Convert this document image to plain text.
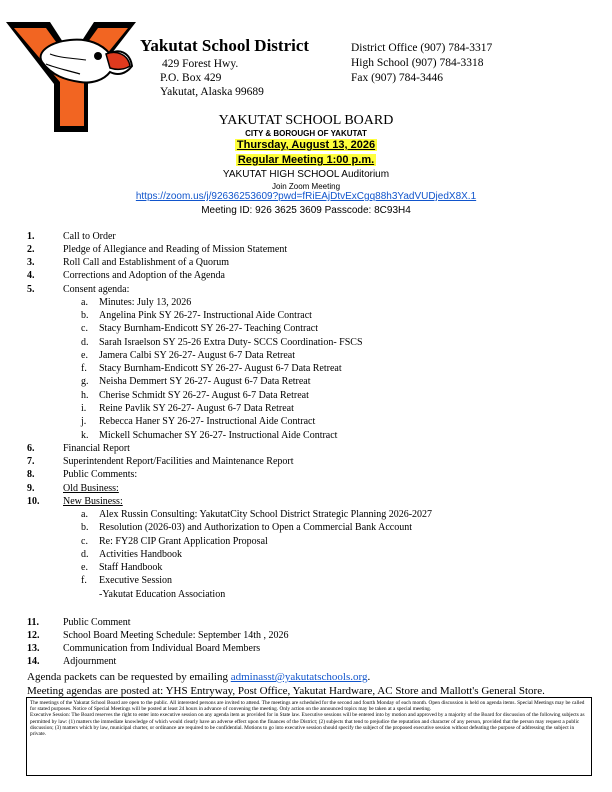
Yakutat School District
429 Forest Hwy.
P.O. Box 429
Yakutat, Alaska 99689
District Office (907) 784-3317
High School (907) 784-3318
Fax (907) 784-3446
YAKUTAT SCHOOL BOARD
CITY & BOROUGH OF YAKUTAT
Thursday, August 13, 2026
Regular Meeting 1:00 p.m.
YAKUTAT HIGH SCHOOL Auditorium
Join Zoom Meeting
https://zoom.us/j/92636253609?pwd=fRiEAjDtvExCgq88h3YadVUDjedX8X.1
Meeting ID: 926 3625 3609 Passcode: 8C93H4
1.	Call to Order
2.	Pledge of Allegiance and Reading of Mission Statement
3.	Roll Call and Establishment of a Quorum
4.	Corrections and Adoption of the Agenda
5.	Consent agenda:
6.	Financial Report
7.	Superintendent Report/Facilities and Maintenance Report
8.	Public Comments:
9.	Old Business:
10. New Business:
11. Public Comment
12. School Board Meeting Schedule: September 14th , 2026
13. Communication from Individual Board Members
14. Adjournment
a. Minutes: July 13, 2026
b. Angelina Pink SY 26-27- Instructional Aide Contract
c. Stacy Burnham-Endicott SY 26-27- Teaching Contract
d. Sarah Israelson SY 25-26 Extra Duty- SCCS Coordination- FSCS
e. Jamera Calbi SY 26-27- August 6-7 Data Retreat
f. Stacy Burnham-Endicott SY 26-27- August 6-7 Data Retreat
g. Neisha Demmert SY 26-27- August 6-7 Data Retreat
h. Cherise Schmidt SY 26-27- August 6-7 Data Retreat
i. Reine Pavlik SY 26-27- August 6-7 Data Retreat
j. Rebecca Haner SY 26-27- Instructional Aide Contract
k. Mickell Schumacher SY 26-27- Instructional Aide Contract
a. Alex Russin Consulting: YakutatCity School District Strategic Planning 2026-2027
b. Resolution (2026-03) and Authorization to Open a Commercial Bank Account
c. Re: FY28 CIP Grant Application Proposal
d. Activities Handbook
e. Staff Handbook
f. Executive Session
-Yakutat Education Association
Agenda packets can be requested by emailing adminasst@yakutatschools.org.
Meeting agendas are posted at: YHS Entryway, Post Office, Yakutat Hardware, AC Store and Mallott's General Store.

The meetings of the Yakutat School Board are open to the public. All interested persons are invited to attend. The meetings are scheduled for the second and fourth Monday of each month. Open discussion is held on agenda items. Special Meetings may be called for stated purposes. Notice of Special Meetings will be posted at least 24 hours in advance of convening the meeting. Only action on the announced topics may be taken at a special meeting.

Executive Session: The Board reserves the right to enter into executive session on any agenda item as provided for in State law. Executive sessions will be entered into by motion and approved by a majority of the Board for discussion of the following subjects as permitted by law: (1) matters the immediate knowledge of which would clearly have an adverse effect upon the finances of the District; (2) subjects that tend to prejudice the reputation and character of any person, provided that the person may request a public discussion; (3) matters which by law, municipal charter, or ordinance are required to be confidential. Motions to go into executive session should specify the subject of the proposed executive session without defeating the purpose of addressing the subject in private.
